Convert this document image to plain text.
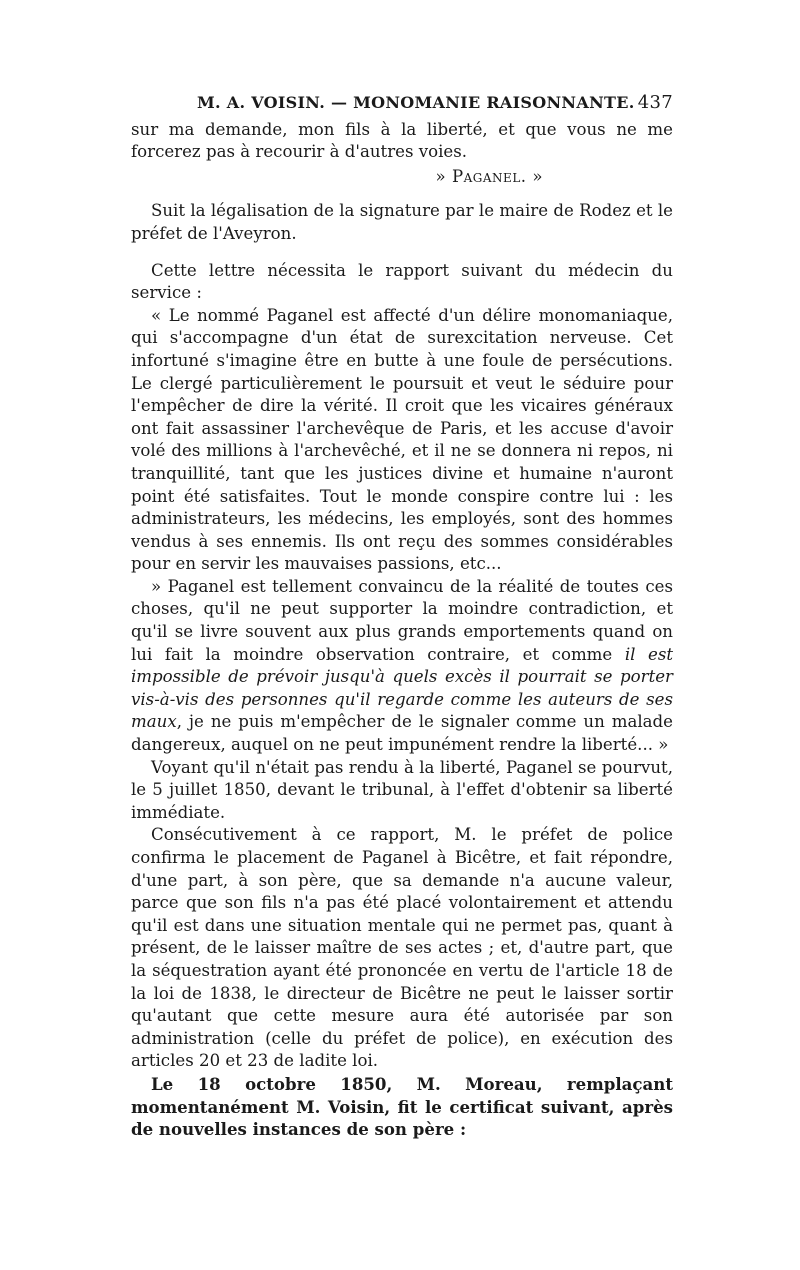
M. A. VOISIN. — MONOMANIE RAISONNANTE. 437

sur ma demande, mon fils à la liberté, et que vous ne me forcerez pas à recourir à d'autres voies.

» Paganel. »

Suit la légalisation de la signature par le maire de Rodez et le préfet de l'Aveyron.

Cette lettre nécessita le rapport suivant du médecin du service :

« Le nommé Paganel est affecté d'un délire monomaniaque, qui s'accompagne d'un état de surexcitation nerveuse. Cet infortuné s'imagine être en butte à une foule de persécutions. Le clergé particulièrement le poursuit et veut le séduire pour l'empêcher de dire la vérité. Il croit que les vicaires généraux ont fait assassiner l'archevêque de Paris, et les accuse d'avoir volé des millions à l'archevêché, et il ne se donnera ni repos, ni tranquillité, tant que les justices divine et humaine n'auront point été satisfaites. Tout le monde conspire contre lui : les administrateurs, les médecins, les employés, sont des hommes vendus à ses ennemis. Ils ont reçu des sommes considérables pour en servir les mauvaises passions, etc...

» Paganel est tellement convaincu de la réalité de toutes ces choses, qu'il ne peut supporter la moindre contradiction, et qu'il se livre souvent aux plus grands emportements quand on lui fait la moindre observation contraire, et comme il est impossible de prévoir jusqu'à quels excès il pourrait se porter vis-à-vis des personnes qu'il regarde comme les auteurs de ses maux, je ne puis m'empêcher de le signaler comme un malade dangereux, auquel on ne peut impunément rendre la liberté... »

Voyant qu'il n'était pas rendu à la liberté, Paganel se pourvut, le 5 juillet 1850, devant le tribunal, à l'effet d'obtenir sa liberté immédiate.

Consécutivement à ce rapport, M. le préfet de police confirma le placement de Paganel à Bicêtre, et fait répondre, d'une part, à son père, que sa demande n'a aucune valeur, parce que son fils n'a pas été placé volontairement et attendu qu'il est dans une situation mentale qui ne permet pas, quant à présent, de le laisser maître de ses actes ; et, d'autre part, que la séquestration ayant été prononcée en vertu de l'article 18 de la loi de 1838, le directeur de Bicêtre ne peut le laisser sortir qu'autant que cette mesure aura été autorisée par son administration (celle du préfet de police), en exécution des articles 20 et 23 de ladite loi.

Le 18 octobre 1850, M. Moreau, remplaçant momentanément M. Voisin, fit le certificat suivant, après de nouvelles instances de son père :
